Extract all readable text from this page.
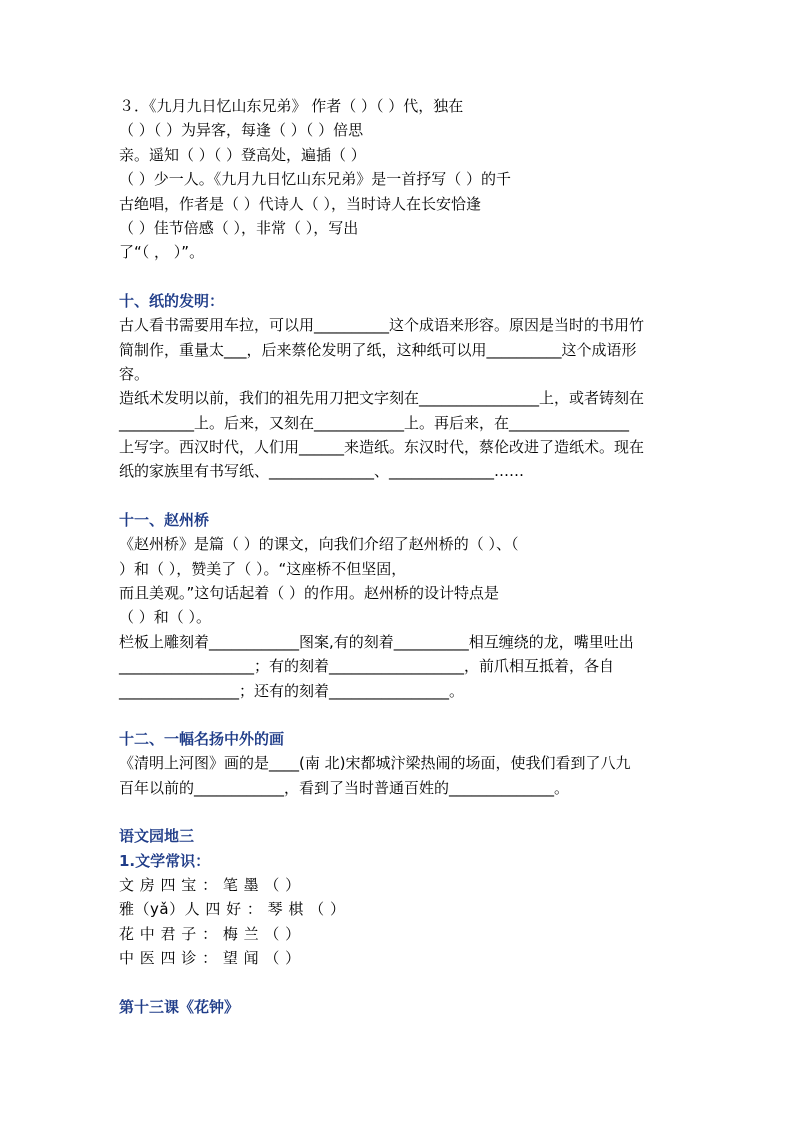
３．《九月九日忆山东兄弟》 作者（ ）（ ）代，独在
（ ）（ ）为异客，每逢（ ）（ ）倍思
亲。遥知（ ）（ ）登高处，遍插（ ）
（ ）少一人。《九月九日忆山东兄弟》是一首抒写（ ）的千
古绝唱，作者是（ ）代诗人（ ），当时诗人在长安恰逢
（ ）佳节倍感（ ），非常（ ），写出
了“（ ， ）”。
十、纸的发明：
古人看书需要用车拉，可以用__________这个成语来形容。原因是当时的书用竹
简制作，重量太___，后来蔡伦发明了纸，这种纸可以用__________这个成语形
容。
造纸术发明以前，我们的祖先用刀把文字刻在________________上，或者铸刻在
__________上。后来，又刻在____________上。再后来，在________________
上写字。西汉时代，人们用______来造纸。东汉时代，蔡伦改进了造纸术。现在
纸的家族里有书写纸、______________、______________……
十一、赵州桥
《赵州桥》是篇（ ）的课文，向我们介绍了赵州桥的（ ）、（
）和（ ），赞美了（ ）。“这座桥不但坚固，
而且美观。”这句话起着（ ）的作用。赵州桥的设计特点是
（ ）和（ ）。
栏板上雕刻着____________图案,有的刻着__________相互缠绕的龙，嘴里吐出
__________________；有的刻着__________________，前爪相互抵着，各自
________________；还有的刻着________________。
十二、一幅名扬中外的画
《清明上河图》画的是____(南 北)宋都城汴梁热闹的场面，使我们看到了八九
百年以前的____________，看到了当时普通百姓的______________。
语文园地三
1.文学常识：
文 房 四 宝 ： 笔 墨 （ ）
雅（yǎ）人 四 好 ： 琴 棋 （ ）
花 中 君 子 ： 梅 兰 （ ）
中 医 四 诊 ： 望 闻 （ ）
第十三课《花钟》
